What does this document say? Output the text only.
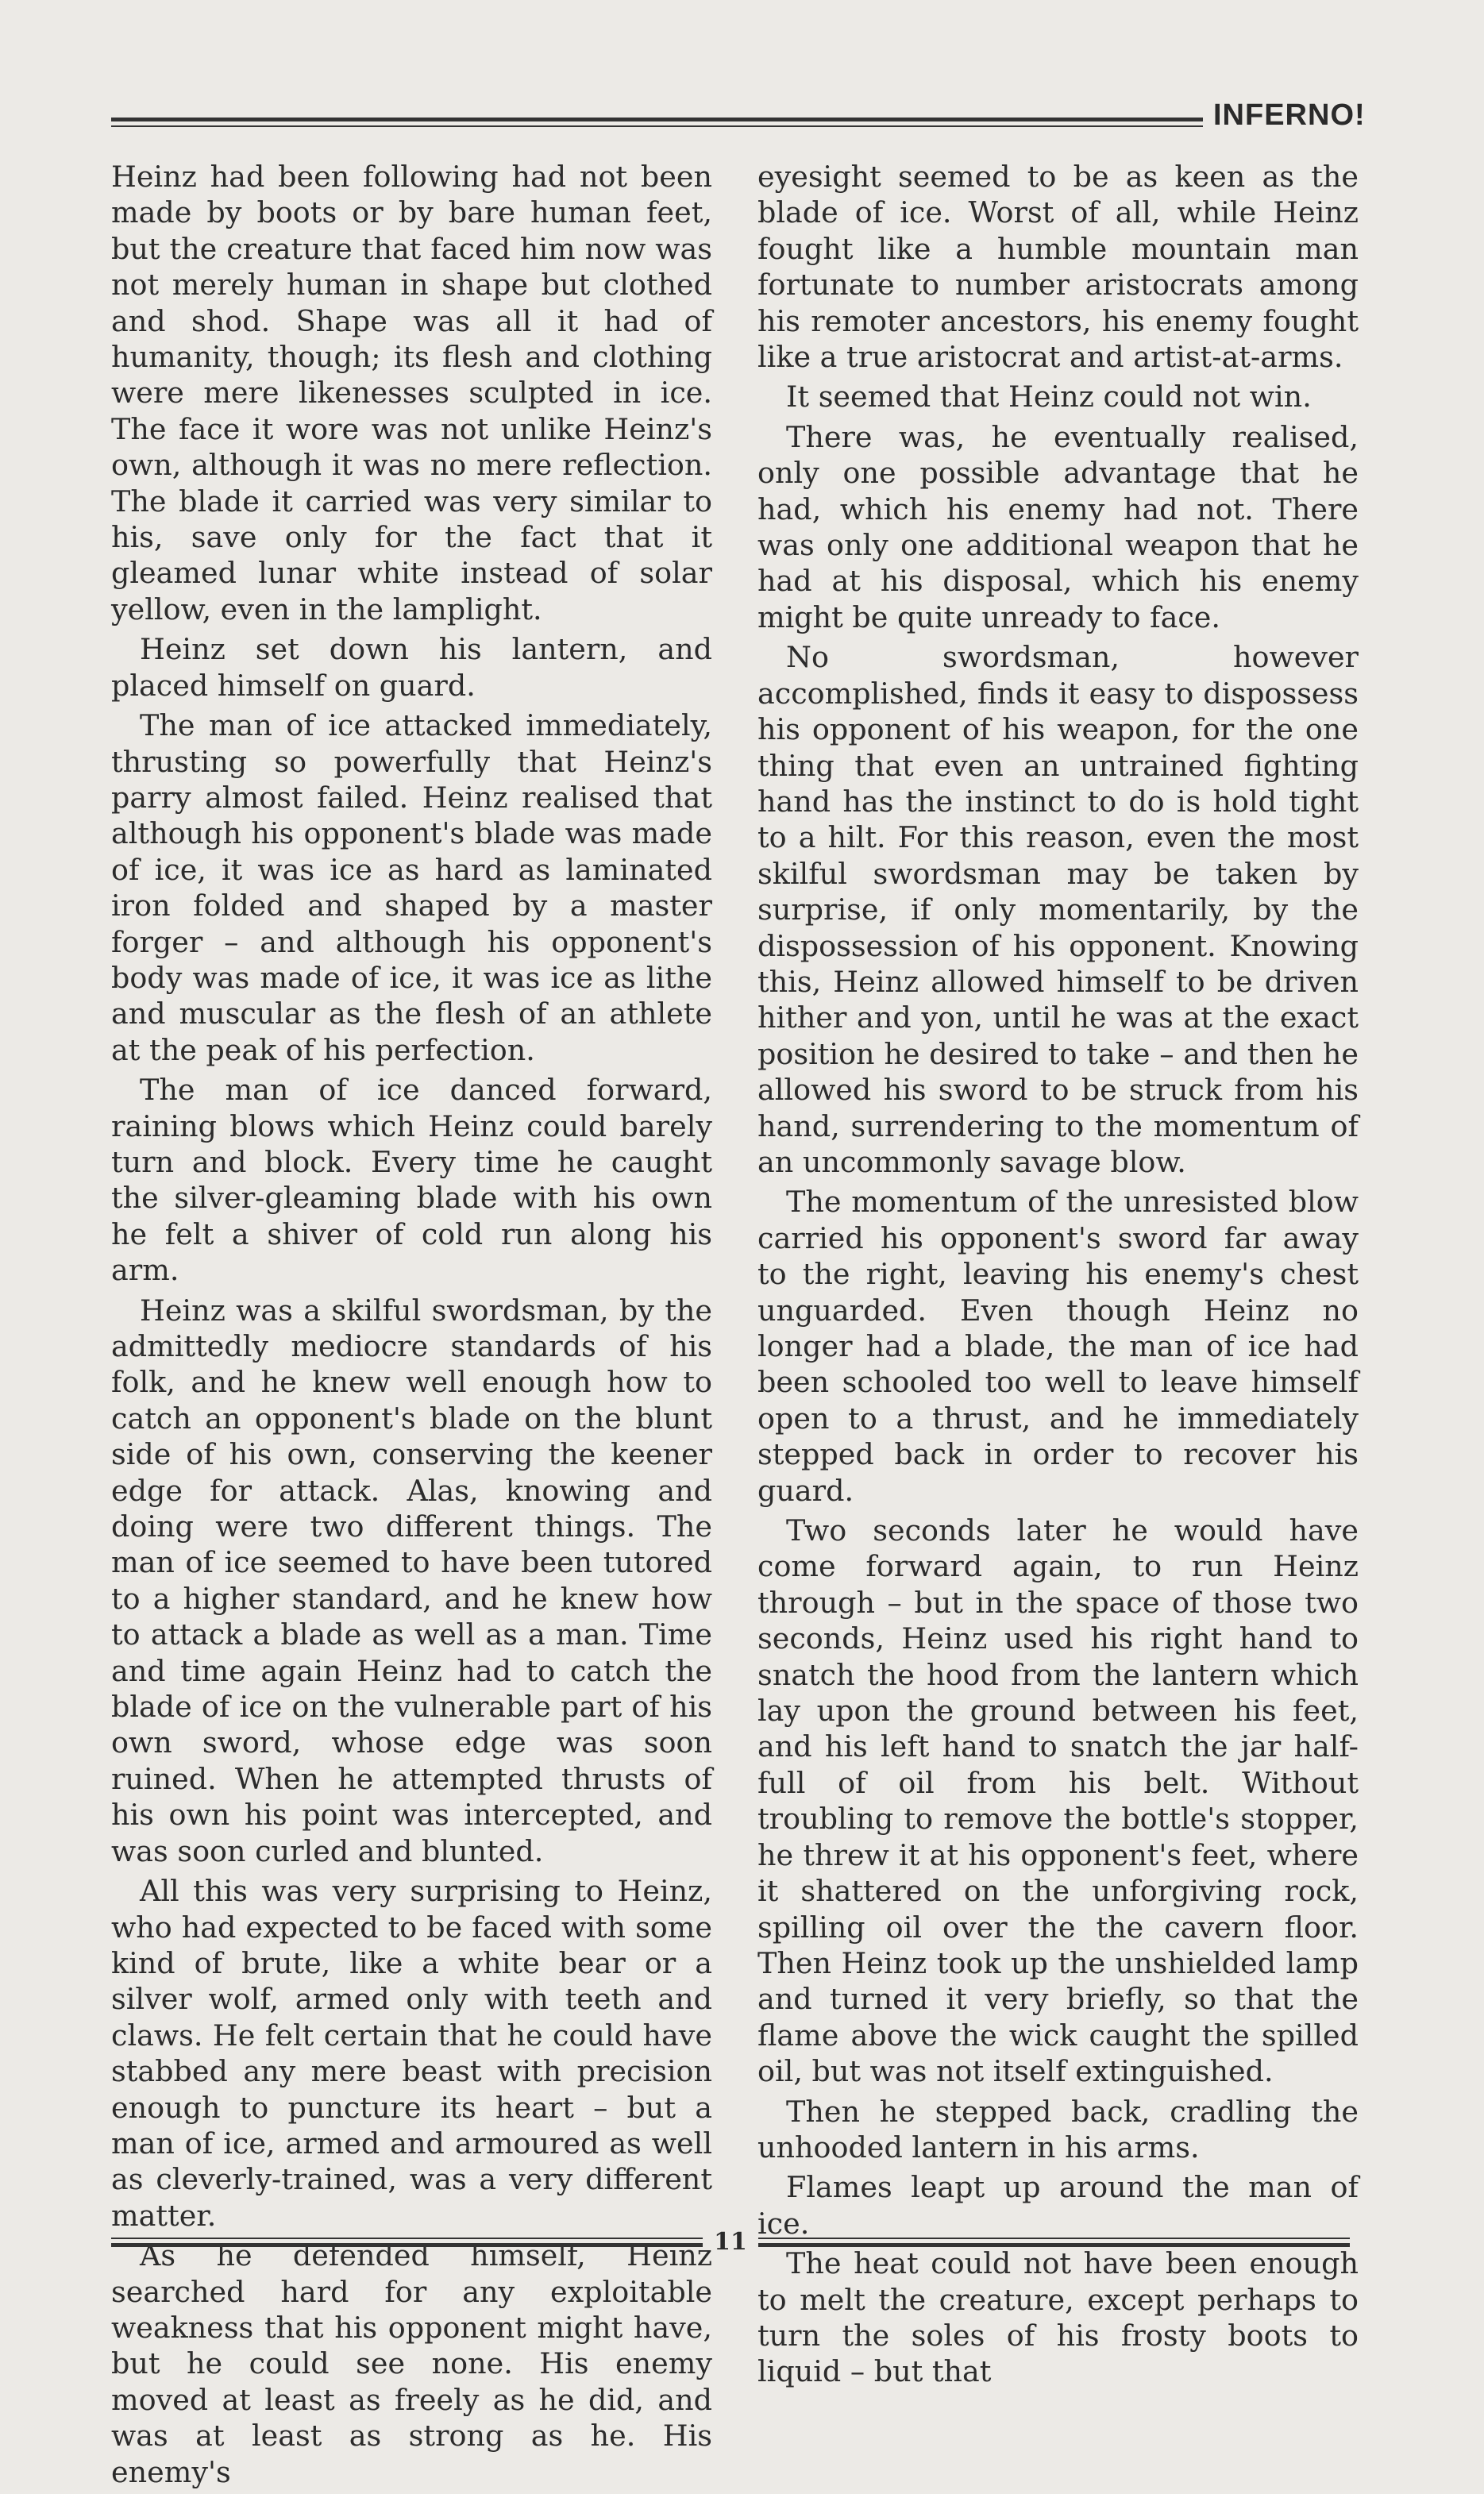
INFERNO!

Heinz had been following had not been made by boots or by bare human feet, but the creature that faced him now was not merely human in shape but clothed and shod. Shape was all it had of humanity, though; its flesh and clothing were mere likenesses sculpted in ice. The face it wore was not unlike Heinz's own, although it was no mere reflection. The blade it carried was very similar to his, save only for the fact that it gleamed lunar white instead of solar yellow, even in the lamplight.

Heinz set down his lantern, and placed himself on guard.

The man of ice attacked immediately, thrusting so powerfully that Heinz's parry almost failed. Heinz realised that although his opponent's blade was made of ice, it was ice as hard as laminated iron folded and shaped by a master forger – and although his opponent's body was made of ice, it was ice as lithe and muscular as the flesh of an athlete at the peak of his perfection.

The man of ice danced forward, raining blows which Heinz could barely turn and block. Every time he caught the silver-gleaming blade with his own he felt a shiver of cold run along his arm.

Heinz was a skilful swordsman, by the admittedly mediocre standards of his folk, and he knew well enough how to catch an opponent's blade on the blunt side of his own, conserving the keener edge for attack. Alas, knowing and doing were two different things. The man of ice seemed to have been tutored to a higher standard, and he knew how to attack a blade as well as a man. Time and time again Heinz had to catch the blade of ice on the vulnerable part of his own sword, whose edge was soon ruined. When he attempted thrusts of his own his point was intercepted, and was soon curled and blunted.

All this was very surprising to Heinz, who had expected to be faced with some kind of brute, like a white bear or a silver wolf, armed only with teeth and claws. He felt certain that he could have stabbed any mere beast with precision enough to puncture its heart – but a man of ice, armed and armoured as well as cleverly-trained, was a very different matter.

As he defended himself, Heinz searched hard for any exploitable weakness that his opponent might have, but he could see none. His enemy moved at least as freely as he did, and was at least as strong as he. His enemy's

eyesight seemed to be as keen as the blade of ice. Worst of all, while Heinz fought like a humble mountain man fortunate to number aristocrats among his remoter ancestors, his enemy fought like a true aristocrat and artist-at-arms.

It seemed that Heinz could not win.

There was, he eventually realised, only one possible advantage that he had, which his enemy had not. There was only one additional weapon that he had at his disposal, which his enemy might be quite unready to face.

No swordsman, however accomplished, finds it easy to dispossess his opponent of his weapon, for the one thing that even an untrained fighting hand has the instinct to do is hold tight to a hilt. For this reason, even the most skilful swordsman may be taken by surprise, if only momentarily, by the dispossession of his opponent. Knowing this, Heinz allowed himself to be driven hither and yon, until he was at the exact position he desired to take – and then he allowed his sword to be struck from his hand, surrendering to the momentum of an uncommonly savage blow.

The momentum of the unresisted blow carried his opponent's sword far away to the right, leaving his enemy's chest unguarded. Even though Heinz no longer had a blade, the man of ice had been schooled too well to leave himself open to a thrust, and he immediately stepped back in order to recover his guard.

Two seconds later he would have come forward again, to run Heinz through – but in the space of those two seconds, Heinz used his right hand to snatch the hood from the lantern which lay upon the ground between his feet, and his left hand to snatch the jar half-full of oil from his belt. Without troubling to remove the bottle's stopper, he threw it at his opponent's feet, where it shattered on the unforgiving rock, spilling oil over the the cavern floor. Then Heinz took up the unshielded lamp and turned it very briefly, so that the flame above the wick caught the spilled oil, but was not itself extinguished.

Then he stepped back, cradling the unhooded lantern in his arms.

Flames leapt up around the man of ice.

The heat could not have been enough to melt the creature, except perhaps to turn the soles of his frosty boots to liquid – but that

11
